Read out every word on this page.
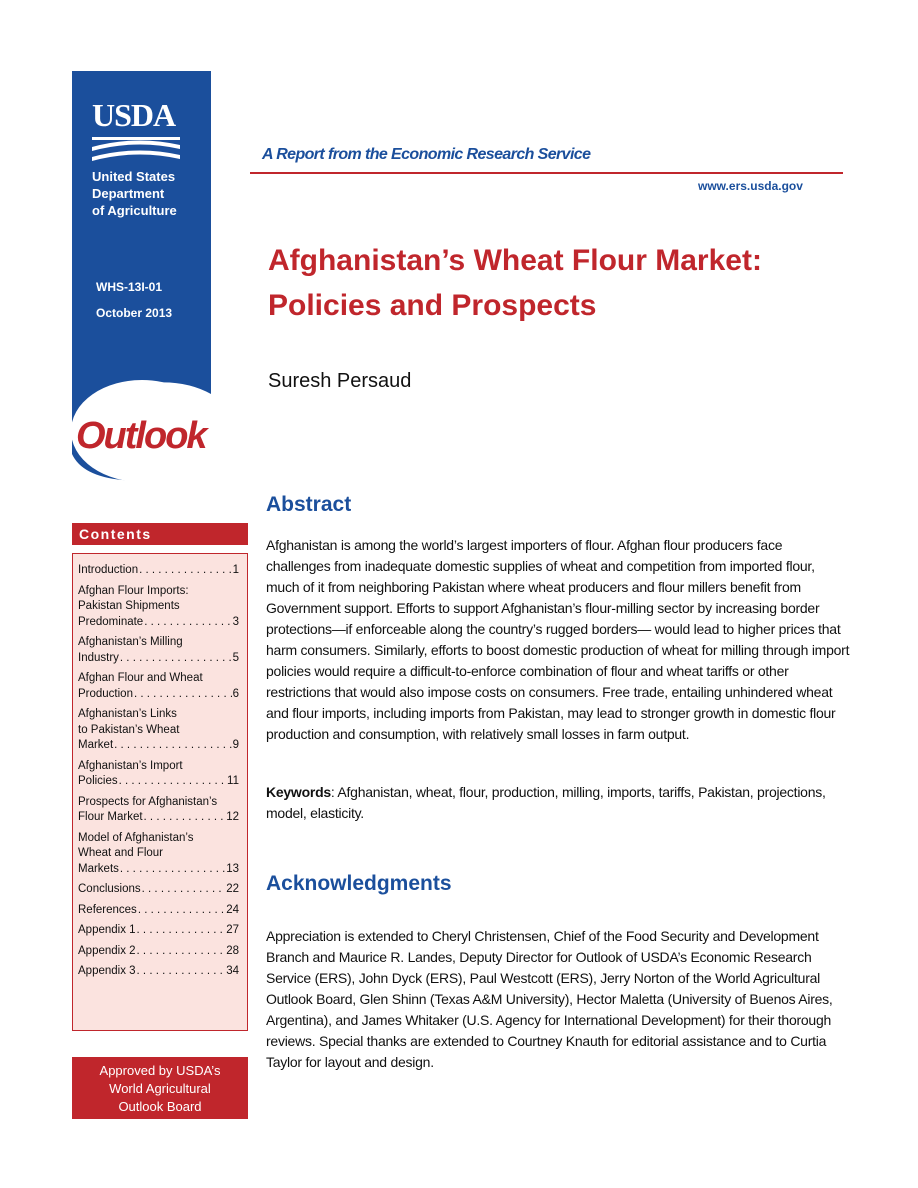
USDA
United States
Department
of Agriculture
WHS-13I-01
October 2013
Outlook
A Report from the Economic Research Service
www.ers.usda.gov
Afghanistan’s Wheat Flour Market:
Policies and Prospects
Suresh Persaud
Contents
Introduction . . .	1
Afghan Flour Imports:
Pakistan Shipments
Predominate . . .	3
Afghanistan’s Milling
Industry . . .	5
Afghan Flour and Wheat
Production . . .	6
Afghanistan’s Links
to Pakistan’s Wheat
Market . . .	9
Afghanistan’s Import
Policies . . .	11
Prospects for Afghanistan’s
Flour Market . . .	12
Model of Afghanistan’s
Wheat and Flour
Markets . . .	13
Conclusions . . .	22
References . . .	24
Appendix 1 . . .	27
Appendix 2 . . .	28
Appendix 3 . . .	34
Approved by USDA’s
World Agricultural
Outlook Board
Abstract
Afghanistan is among the world’s largest importers of flour. Afghan flour producers face challenges from inadequate domestic supplies of wheat and competition from imported flour, much of it from neighboring Pakistan where wheat producers and flour millers benefit from Government support. Efforts to support Afghanistan’s flour-milling sector by increasing border protections—if enforceable along the country’s rugged borders— would lead to higher prices that harm consumers. Similarly, efforts to boost domestic production of wheat for milling through import policies would require a difficult-to-enforce combination of flour and wheat tariffs or other restrictions that would also impose costs on consumers. Free trade, entailing unhindered wheat and flour imports, including imports from Pakistan, may lead to stronger growth in domestic flour production and consumption, with relatively small losses in farm output.
Keywords: Afghanistan, wheat, flour, production, milling, imports, tariffs, Pakistan, projections, model, elasticity.
Acknowledgments
Appreciation is extended to Cheryl Christensen, Chief of the Food Security and Development Branch and Maurice R. Landes, Deputy Director for Outlook of USDA’s Economic Research Service (ERS), John Dyck (ERS), Paul Westcott (ERS), Jerry Norton of the World Agricultural Outlook Board, Glen Shinn (Texas A&M University), Hector Maletta (University of Buenos Aires, Argentina), and James Whitaker (U.S. Agency for International Development) for their thorough reviews. Special thanks are extended to Courtney Knauth for editorial assistance and to Curtia Taylor for layout and design.
